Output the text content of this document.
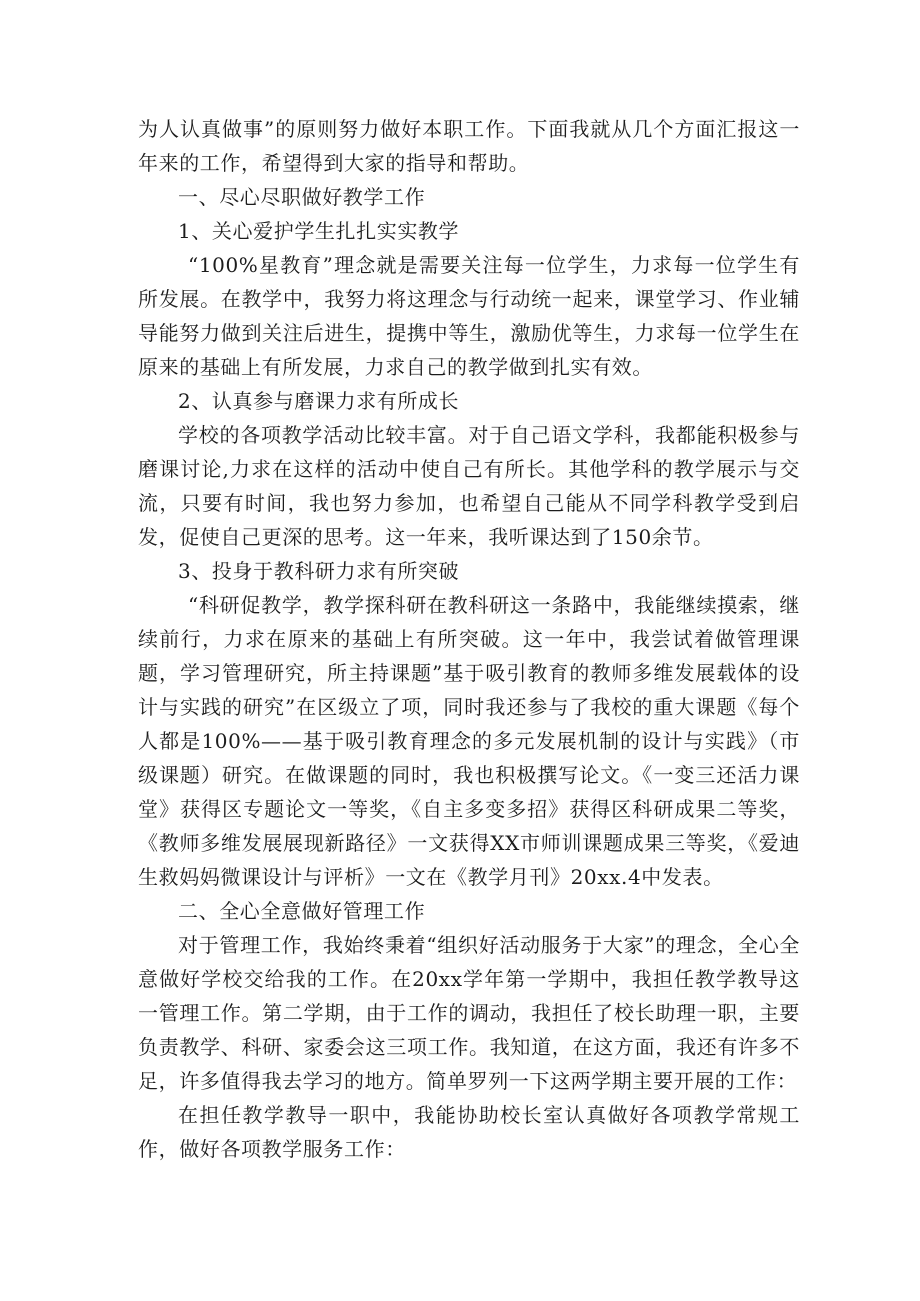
为人认真做事”的原则努力做好本职工作。下面我就从几个方面汇报这一年来的工作，希望得到大家的指导和帮助。

一、尽心尽职做好教学工作

1、关心爱护学生扎扎实实教学

“100%星教育”理念就是需要关注每一位学生，力求每一位学生有所发展。在教学中，我努力将这理念与行动统一起来，课堂学习、作业辅导能努力做到关注后进生，提携中等生，激励优等生，力求每一位学生在原来的基础上有所发展，力求自己的教学做到扎实有效。

2、认真参与磨课力求有所成长

学校的各项教学活动比较丰富。对于自己语文学科，我都能积极参与磨课讨论,力求在这样的活动中使自己有所长。其他学科的教学展示与交流，只要有时间，我也努力参加，也希望自己能从不同学科教学受到启发，促使自己更深的思考。这一年来，我听课达到了150余节。

3、投身于教科研力求有所突破

“科研促教学，教学探科研在教科研这一条路中，我能继续摸索，继续前行，力求在原来的基础上有所突破。这一年中，我尝试着做管理课题，学习管理研究，所主持课题”基于吸引教育的教师多维发展载体的设计与实践的研究”在区级立了项，同时我还参与了我校的重大课题《每个人都是100%——基于吸引教育理念的多元发展机制的设计与实践》（市级课题）研究。在做课题的同时，我也积极撰写论文。《一变三还活力课堂》获得区专题论文一等奖，《自主多变多招》获得区科研成果二等奖，《教师多维发展展现新路径》一文获得XX市师训课题成果三等奖，《爱迪生救妈妈微课设计与评析》一文在《教学月刊》20xx.4中发表。

二、全心全意做好管理工作

对于管理工作，我始终秉着“组织好活动服务于大家”的理念，全心全意做好学校交给我的工作。在20xx学年第一学期中，我担任教学教导这一管理工作。第二学期，由于工作的调动，我担任了校长助理一职，主要负责教学、科研、家委会这三项工作。我知道，在这方面，我还有许多不足，许多值得我去学习的地方。简单罗列一下这两学期主要开展的工作：

在担任教学教导一职中，我能协助校长室认真做好各项教学常规工作，做好各项教学服务工作：
